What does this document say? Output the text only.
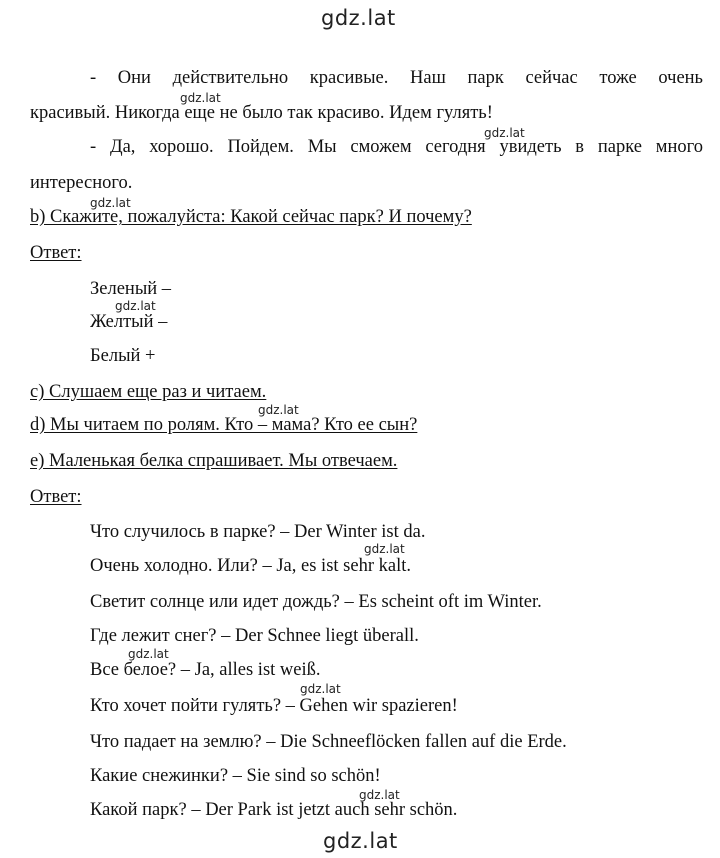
gdz.lat
- Они действительно красивые. Наш парк сейчас тоже очень
gdz.lat
красивый. Никогда еще не было так красиво. Идем гулять!
gdz.lat
- Да, хорошо. Пойдем. Мы сможем сегодня увидеть в парке много
интересного.
gdz.lat
b) Скажите, пожалуйста: Какой сейчас парк? И почему?
Ответ:
Зеленый –
gdz.lat
Желтый –
Белый +
c) Слушаем еще раз и читаем.
gdz.lat
d) Мы читаем по ролям. Кто – мама? Кто ее сын?
e) Маленькая белка спрашивает. Мы отвечаем.
Ответ:
Что случилось в парке? – Der Winter ist da.
gdz.lat
Очень холодно. Или? – Ja, es ist sehr kalt.
Светит солнце или идет дождь? – Es scheint oft im Winter.
Где лежит снег? – Der Schnee liegt überall.
gdz.lat
Все белое? – Ja, alles ist weiß.
gdz.lat
Кто хочет пойти гулять? – Gehen wir spazieren!
Что падает на землю? – Die Schneeflöcken fallen auf die Erde.
Какие снежинки? – Sie sind so schön!
gdz.lat
Какой парк? – Der Park ist jetzt auch sehr schön.
gdz.lat
